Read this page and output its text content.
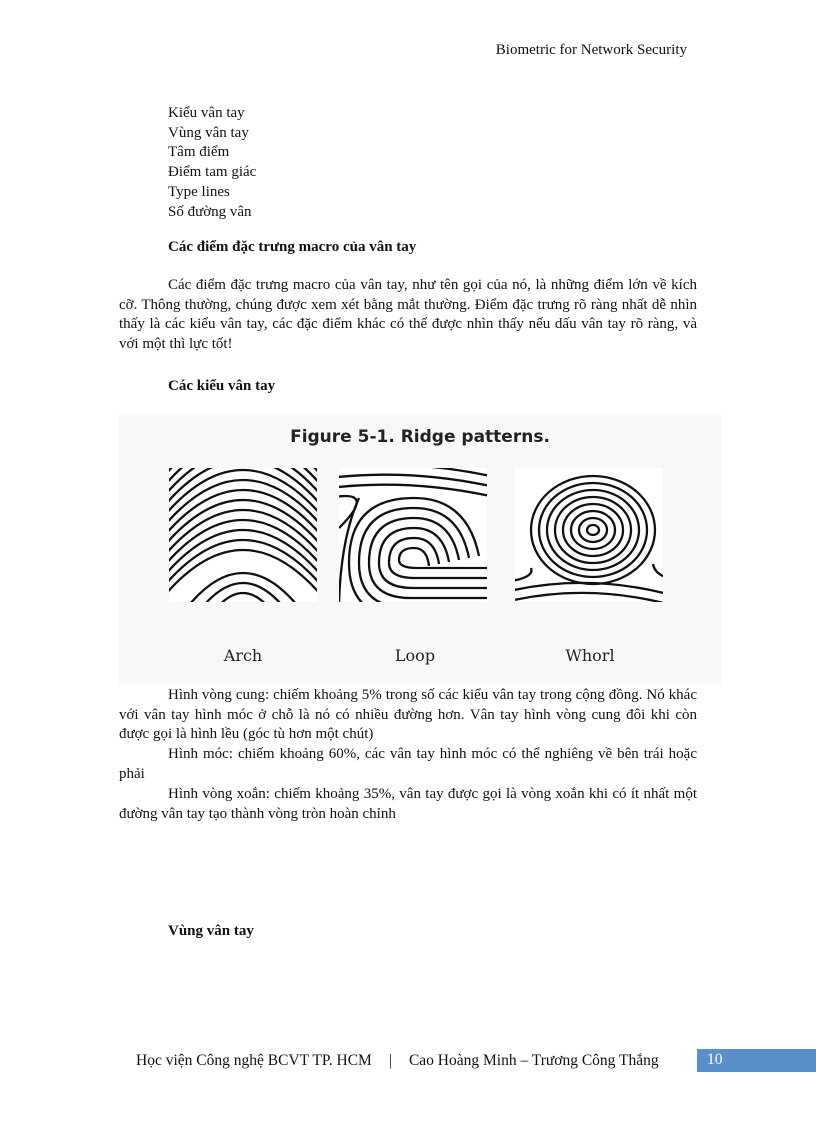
Biometric for Network Security
Kiểu vân tay
Vùng vân tay
Tâm điểm
Điểm tam giác
Type lines
Số đường vân
Các điểm đặc trưng macro của vân tay
Các điểm đặc trưng macro của vân tay, như tên gọi của nó, là những điểm lớn về kích cỡ. Thông thường, chúng được xem xét bằng mắt thường. Điểm đặc trưng rõ ràng nhất dễ nhìn thấy là các kiểu vân tay, các đặc điểm khác có thể được nhìn thấy nếu dấu vân tay rõ ràng, và với một thì lực tốt!
Các kiểu vân tay
Figure 5-1. Ridge patterns.
Arch	Loop	Whorl
Hình vòng cung: chiếm khoảng 5% trong số các kiểu vân tay trong cộng đồng. Nó khác với vân tay hình móc ở chỗ là nó có nhiều đường hơn. Vân tay hình vòng cung đôi khi còn được gọi là hình lều (góc tù hơn một chút)
Hình móc: chiếm khoảng 60%, các vân tay hình móc có thể nghiêng về bên trái hoặc phải
Hình vòng xoắn: chiếm khoảng 35%, vân tay được gọi là vòng xoắn khi có ít nhất một đường vân tay tạo thành vòng tròn hoàn chỉnh
Vùng vân tay
Học viện Công nghệ BCVT TP. HCM | Cao Hoàng Minh – Trương Công Thắng	10
